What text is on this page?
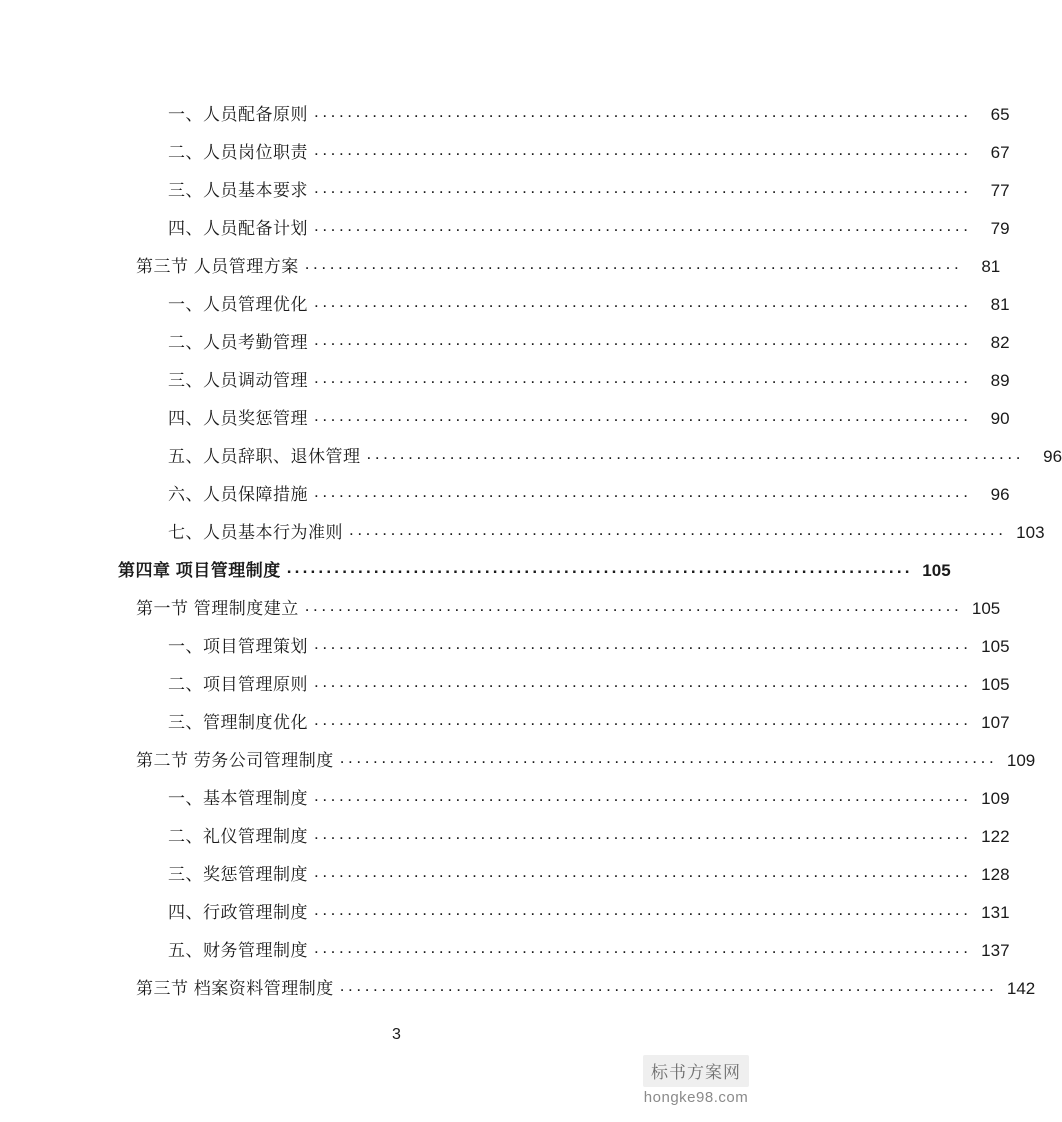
一、人员配备原则 ...............................................................................	65
二、人员岗位职责 ...............................................................................	67
三、人员基本要求 ...............................................................................	77
四、人员配备计划 ...............................................................................	79
第三节 人员管理方案 ...............................................................................	81
一、人员管理优化 ...............................................................................	81
二、人员考勤管理 ...............................................................................	82
三、人员调动管理 ...............................................................................	89
四、人员奖惩管理 ...............................................................................	90
五、人员辞职、退休管理 ...............................................................................	96
六、人员保障措施 ...............................................................................	96
七、人员基本行为准则 ............................................................................... 103
第四章 项目管理制度 ............................................................................... 105
第一节 管理制度建立 ............................................................................... 105
一、项目管理策划 ............................................................................... 105
二、项目管理原则 ............................................................................... 105
三、管理制度优化 ............................................................................... 107
第二节 劳务公司管理制度 ............................................................................... 109
一、基本管理制度 ............................................................................... 109
二、礼仪管理制度 ............................................................................... 122
三、奖惩管理制度 ............................................................................... 128
四、行政管理制度 ............................................................................... 131
五、财务管理制度 ............................................................................... 137
第三节 档案资料管理制度 ............................................................................... 142
3
标书方案网
hongke98.com
